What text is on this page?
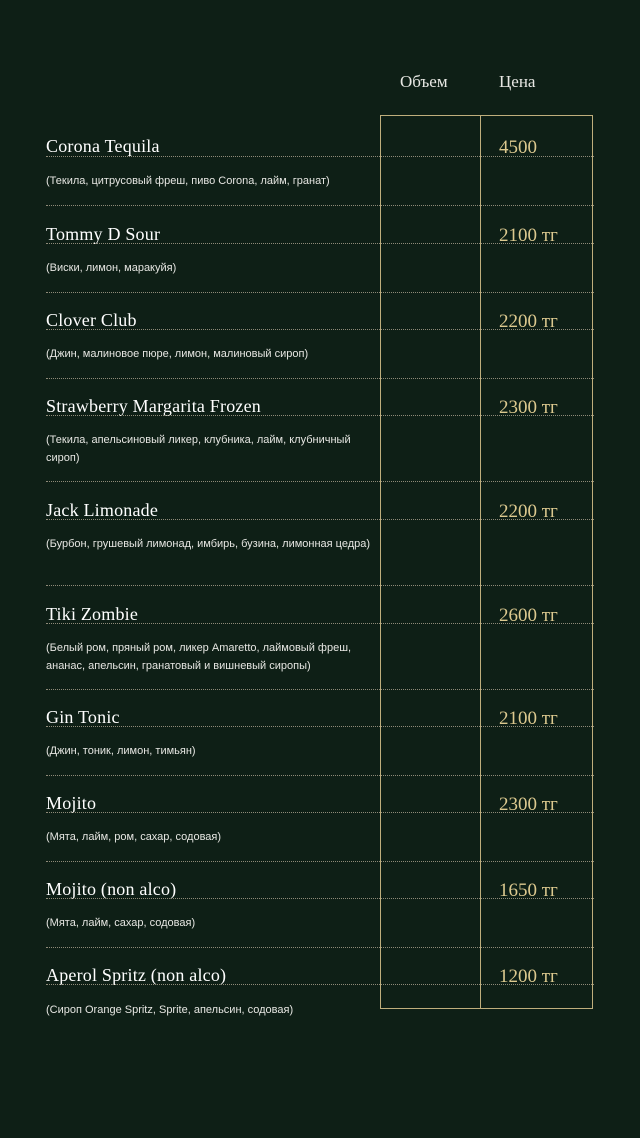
Объем	Цена
Corona Tequila	4500
(Текила, цитрусовый фреш, пиво Corona, лайм, гранат)
Tommy D Sour	2100 тг
(Виски, лимон, маракуйя)
Clover Club	2200 тг
(Джин, малиновое пюре, лимон, малиновый сироп)
Strawberry Margarita Frozen	2300 тг
(Текила, апельсиновый ликер, клубника, лайм, клубничный сироп)
Jack Limonade	2200 тг
(Бурбон, грушевый лимонад, имбирь, бузина, лимонная цедра)
Tiki Zombie	2600 тг
(Белый ром, пряный ром, ликер Amaretto, лаймовый фреш, ананас, апельсин, гранатовый и вишневый сиропы)
Gin Tonic	2100 тг
(Джин, тоник, лимон, тимьян)
Mojito	2300 тг
(Мята, лайм, ром, сахар, содовая)
Mojito (non alco)	1650 тг
(Мята, лайм, сахар, содовая)
Aperol Spritz (non alco)	1200 тг
(Сироп Orange Spritz, Sprite, апельсин, содовая)
